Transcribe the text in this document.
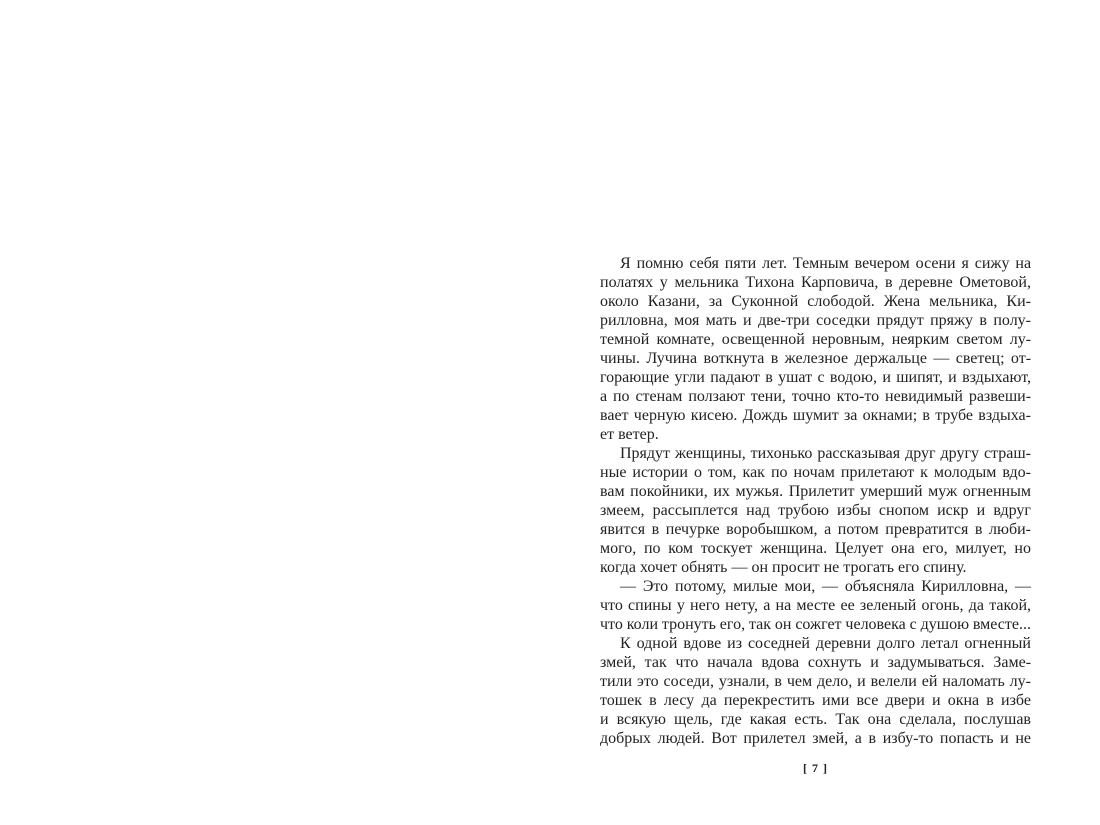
Я помню себя пяти лет. Темным вечером осени я сижу на
полатях у мельника Тихона Карповича, в деревне Ометовой,
около Казани, за Суконной слободой. Жена мельника, Ки-
рилловна, моя мать и две-три соседки прядут пряжу в полу-
темной комнате, освещенной неровным, неярким светом лу-
чины. Лучина воткнута в железное держальце — светец; от-
горающие угли падают в ушат с водою, и шипят, и вздыхают,
а по стенам ползают тени, точно кто-то невидимый развеши-
вает черную кисею. Дождь шумит за окнами; в трубе вздыха-
ет ветер.
Прядут женщины, тихонько рассказывая друг другу страш-
ные истории о том, как по ночам прилетают к молодым вдо-
вам покойники, их мужья. Прилетит умерший муж огненным
змеем, рассыплется над трубою избы снопом искр и вдруг
явится в печурке воробышком, а потом превратится в люби-
мого, по ком тоскует женщина. Целует она его, милует, но
когда хочет обнять — он просит не трогать его спину.
— Это потому, милые мои, — объясняла Кирилловна, —
что спины у него нету, а на месте ее зеленый огонь, да такой,
что коли тронуть его, так он сожгет человека с душою вместе...
К одной вдове из соседней деревни долго летал огненный
змей, так что начала вдова сохнуть и задумываться. Заме-
тили это соседи, узнали, в чем дело, и велели ей наломать лу-
тошек в лесу да перекрестить ими все двери и окна в избе
и всякую щель, где какая есть. Так она сделала, послушав
добрых людей. Вот прилетел змей, а в избу-то попасть и не
[ 7 ]
